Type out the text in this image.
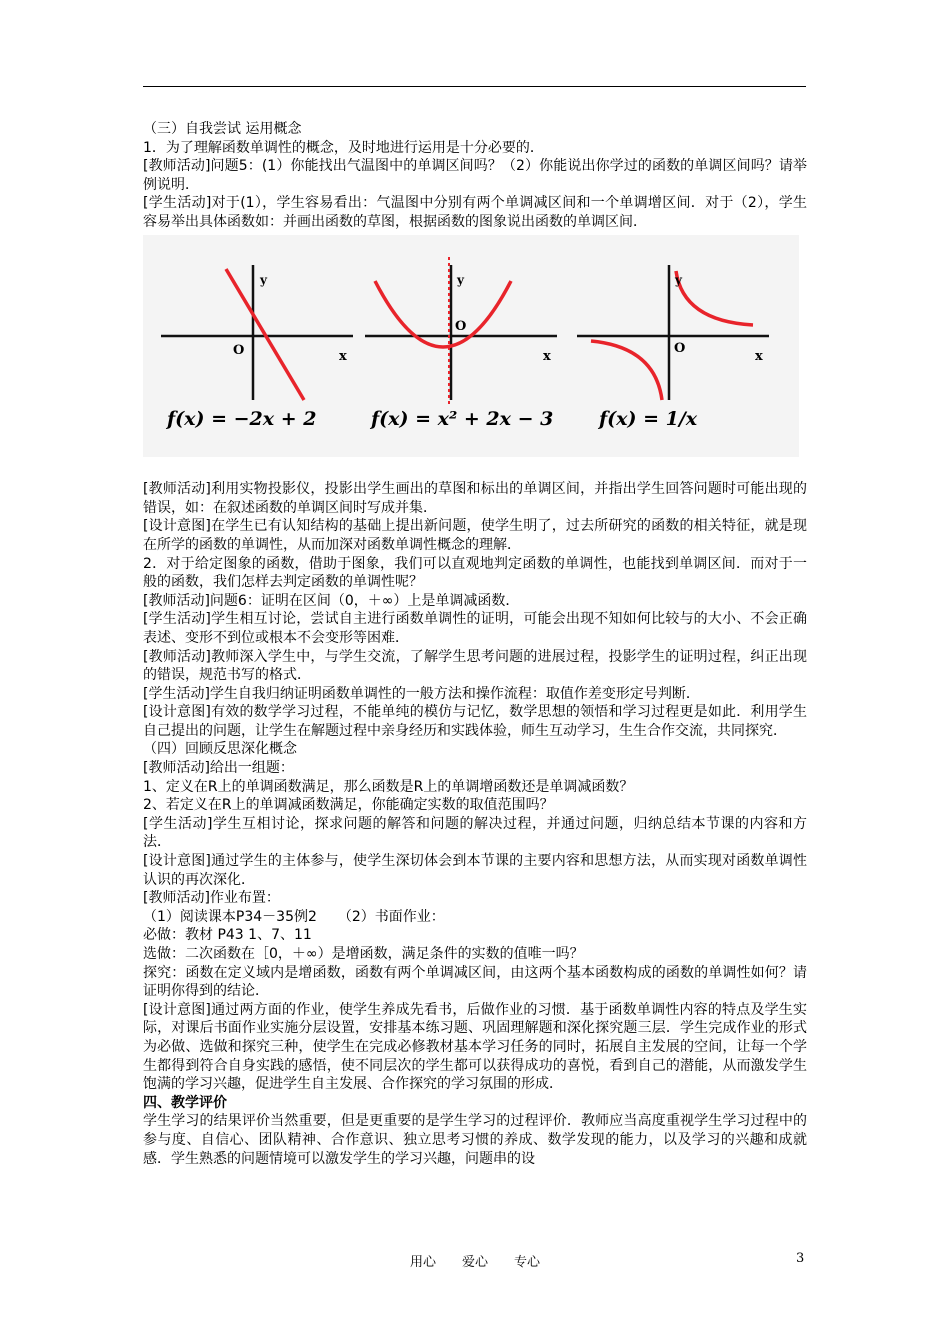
（三）自我尝试 运用概念

1．为了理解函数单调性的概念，及时地进行运用是十分必要的．

[教师活动]问题5：(1）你能找出气温图中的单调区间吗？（2）你能说出你学过的函数的单调区间吗？请举例说明．

[学生活动]对于(1），学生容易看出：气温图中分别有两个单调减区间和一个单调增区间．对于（2），学生容易举出具体函数如：并画出函数的草图，根据函数的图象说出函数的单调区间．

x
y
O
f(x) = −2x + 2
x
y
O
f(x) = x² + 2x − 3
x
y
O
f(x) = 1/x

[教师活动]利用实物投影仪，投影出学生画出的草图和标出的单调区间，并指出学生回答问题时可能出现的错误，如：在叙述函数的单调区间时写成并集．

[设计意图]在学生已有认知结构的基础上提出新问题，使学生明了，过去所研究的函数的相关特征，就是现在所学的函数的单调性，从而加深对函数单调性概念的理解．

2．对于给定图象的函数，借助于图象，我们可以直观地判定函数的单调性，也能找到单调区间．而对于一般的函数，我们怎样去判定函数的单调性呢？

[教师活动]问题6：证明在区间（0，＋∞）上是单调减函数．

[学生活动]学生相互讨论，尝试自主进行函数单调性的证明，可能会出现不知如何比较与的大小、不会正确表述、变形不到位或根本不会变形等困难．

[教师活动]教师深入学生中，与学生交流，了解学生思考问题的进展过程，投影学生的证明过程，纠正出现的错误，规范书写的格式．

[学生活动]学生自我归纳证明函数单调性的一般方法和操作流程：取值作差变形定号判断．

[设计意图]有效的数学学习过程，不能单纯的模仿与记忆，数学思想的领悟和学习过程更是如此．利用学生自己提出的问题，让学生在解题过程中亲身经历和实践体验，师生互动学习，生生合作交流，共同探究．

（四）回顾反思深化概念

[教师活动]给出一组题：

1、定义在R上的单调函数满足，那么函数是R上的单调增函数还是单调减函数？

2、若定义在R上的单调减函数满足，你能确定实数的取值范围吗？

[学生活动]学生互相讨论，探求问题的解答和问题的解决过程，并通过问题，归纳总结本节课的内容和方法．

[设计意图]通过学生的主体参与，使学生深切体会到本节课的主要内容和思想方法，从而实现对函数单调性认识的再次深化．

[教师活动]作业布置：

（1）阅读课本P34－35例2　　（2）书面作业：

必做：教材 P43 1、7、11

选做：二次函数在［0，＋∞）是增函数，满足条件的实数的值唯一吗？

探究：函数在定义域内是增函数，函数有两个单调减区间，由这两个基本函数构成的函数的单调性如何？请证明你得到的结论．

[设计意图]通过两方面的作业，使学生养成先看书，后做作业的习惯．基于函数单调性内容的特点及学生实际，对课后书面作业实施分层设置，安排基本练习题、巩固理解题和深化探究题三层．学生完成作业的形式为必做、选做和探究三种，使学生在完成必修教材基本学习任务的同时，拓展自主发展的空间，让每一个学生都得到符合自身实践的感悟，使不同层次的学生都可以获得成功的喜悦，看到自己的潜能，从而激发学生饱满的学习兴趣，促进学生自主发展、合作探究的学习氛围的形成．

四、教学评价

学生学习的结果评价当然重要，但是更重要的是学生学习的过程评价．教师应当高度重视学生学习过程中的参与度、自信心、团队精神、合作意识、独立思考习惯的养成、数学发现的能力，以及学习的兴趣和成就感．学生熟悉的问题情境可以激发学生的学习兴趣，问题串的设

用心　　爱心　　专心	3
